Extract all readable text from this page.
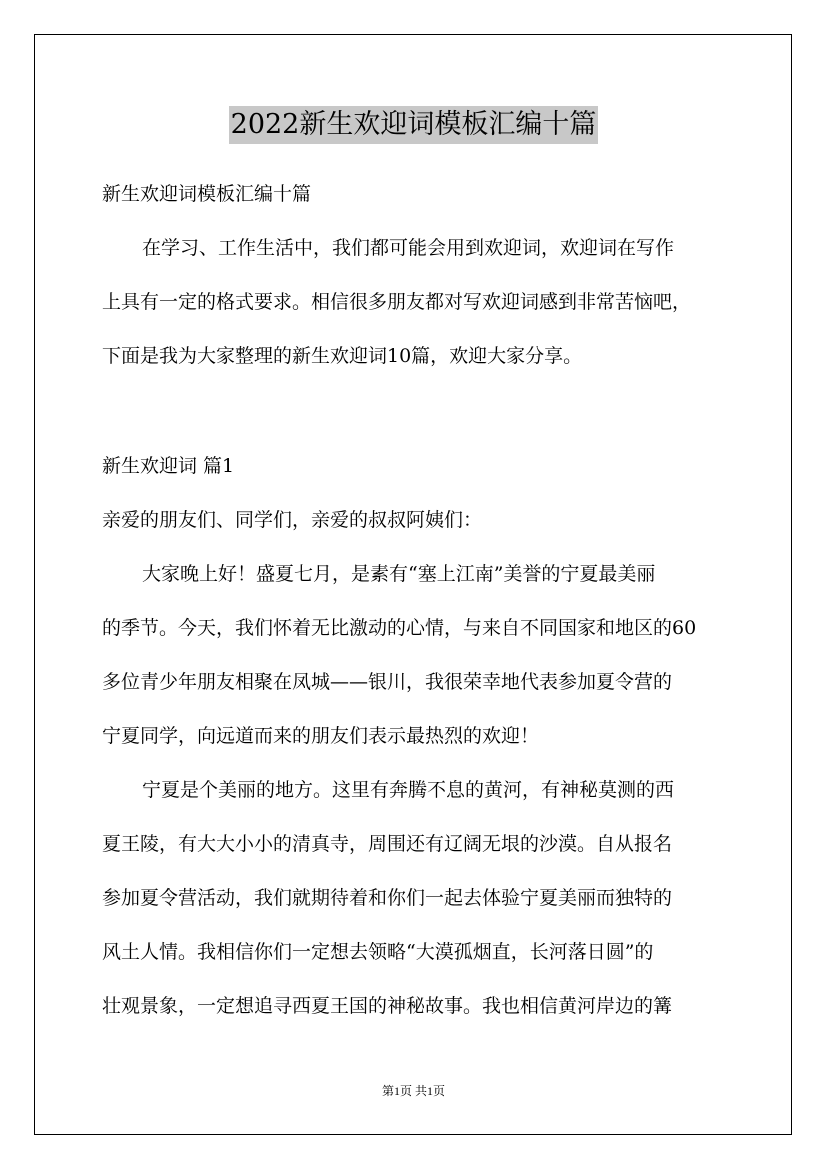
2022新生欢迎词模板汇编十篇
新生欢迎词模板汇编十篇
在学习、工作生活中，我们都可能会用到欢迎词，欢迎词在写作
上具有一定的格式要求。相信很多朋友都对写欢迎词感到非常苦恼吧，
下面是我为大家整理的新生欢迎词10篇，欢迎大家分享。
新生欢迎词 篇1
亲爱的朋友们、同学们，亲爱的叔叔阿姨们：
大家晚上好！盛夏七月，是素有“塞上江南”美誉的宁夏最美丽
的季节。今天，我们怀着无比激动的心情，与来自不同国家和地区的60
多位青少年朋友相聚在凤城——银川，我很荣幸地代表参加夏令营的
宁夏同学，向远道而来的朋友们表示最热烈的欢迎！
宁夏是个美丽的地方。这里有奔腾不息的黄河，有神秘莫测的西
夏王陵，有大大小小的清真寺，周围还有辽阔无垠的沙漠。自从报名
参加夏令营活动，我们就期待着和你们一起去体验宁夏美丽而独特的
风土人情。我相信你们一定想去领略“大漠孤烟直，长河落日圆”的
壮观景象，一定想追寻西夏王国的神秘故事。我也相信黄河岸边的篝
第1页 共1页
